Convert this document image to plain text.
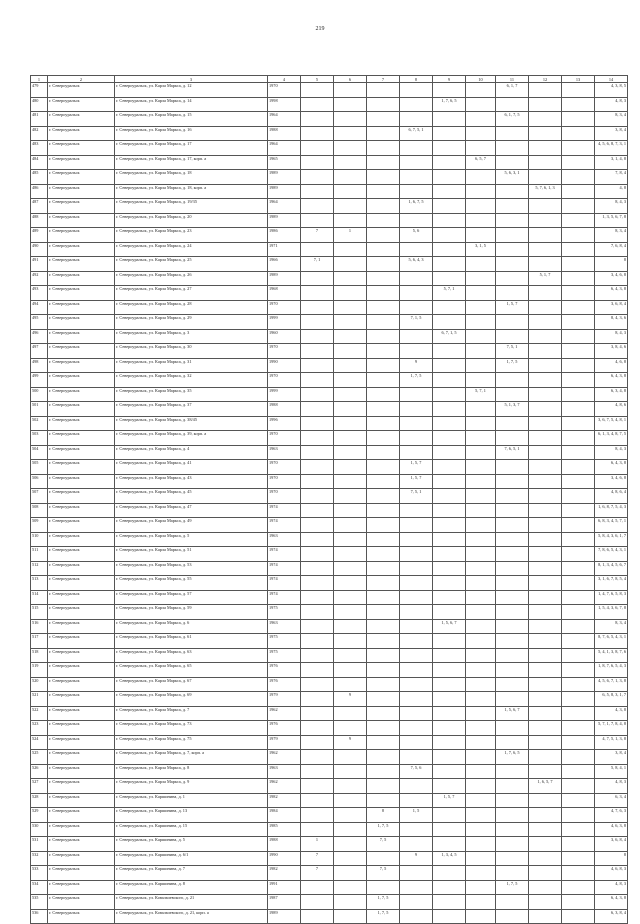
219
1	2	3	4	5	6	7	8	9	10	11	12	13	14
479	г. Североуральск	г. Североуральск, ул. Карла Маркса, д. 12	1970							6, 1, 7			4, 3, 8, 5
480	г. Североуральск	г. Североуральск, ул. Карла Маркса, д. 14	1998					1, 7, 6, 5					4, 8, 3
481	г. Североуральск	г. Североуральск, ул. Карла Маркса, д. 15	1964							6, 1, 7, 5			8, 3, 4
482	г. Североуральск	г. Североуральск, ул. Карла Маркса, д. 16	1988				6, 7, 5, 1						3, 8, 4
483	г. Североуральск	г. Североуральск, ул. Карла Маркса, д. 17	1964										4, 5, 6, 8, 7, 3, 1
484	г. Североуральск	г. Североуральск, ул. Карла Маркса, д. 17, корп. а	1965						6, 5, 7				3, 1, 4, 8
485	г. Североуральск	г. Североуральск, ул. Карла Маркса, д. 18	1989							5, 6, 3, 1			7, 8, 4
486	г. Североуральск	г. Североуральск, ул. Карла Маркса, д. 18, корп. а	1989								5, 7, 6, 1, 3		4, 8
487	г. Североуральск	г. Североуральск, ул. Карла Маркса, д. 19/35	1964				1, 6, 7, 5						8, 4, 3
488	г. Североуральск	г. Североуральск, ул. Карла Маркса, д. 20	1989										1, 3, 5, 6, 7, 8
489	г. Североуральск	г. Североуральск, ул. Карла Маркса, д. 23	1986	7	1		5, 6						8, 3, 4
490	г. Североуральск	г. Североуральск, ул. Карла Маркса, д. 24	1971						3, 1, 5				7, 6, 8, 4
491	г. Североуральск	г. Североуральск, ул. Карла Маркса, д. 25	1966	7, 1			5, 6, 4, 3						8
492	г. Североуральск	г. Североуральск, ул. Карла Маркса, д. 26	1989								5, 1, 7		3, 4, 6, 8
493	г. Североуральск	г. Североуральск, ул. Карла Маркса, д. 27	1968					5, 7, 1					6, 4, 3, 8
494	г. Североуральск	г. Североуральск, ул. Карла Маркса, д. 28	1970							1, 5, 7			3, 6, 8, 4
495	г. Североуральск	г. Североуральск, ул. Карла Маркса, д. 29	1999				7, 1, 5						8, 4, 3, 6
496	г. Североуральск	г. Североуральск, ул. Карла Маркса, д. 3	1960					6, 7, 1, 5					8, 4, 3
497	г. Североуральск	г. Североуральск, ул. Карла Маркса, д. 30	1970							7, 5, 1			3, 8, 4, 6
498	г. Североуральск	г. Североуральск, ул. Карла Маркса, д. 31	1990				9			1, 7, 5			4, 6, 8
499	г. Североуральск	г. Североуральск, ул. Карла Маркса, д. 32	1970				1, 7, 5						6, 4, 3, 8
500	г. Североуральск	г. Североуральск, ул. Карла Маркса, д. 35	1999						5, 7, 1				6, 3, 4, 8
501	г. Североуральск	г. Североуральск, ул. Карла Маркса, д. 37	1988							5, 1, 3, 7			4, 8, 6
502	г. Североуральск	г. Североуральск, ул. Карла Маркса, д. 38/45	1996										3, 6, 7, 5, 4, 8, 1
503	г. Североуральск	г. Североуральск, ул. Карла Маркса, д. 39, корп. а	1970										6, 1, 3, 4, 8, 7, 5
504	г. Североуральск	г. Североуральск, ул. Карла Маркса, д. 4	1963							7, 6, 5, 1			8, 4, 3
505	г. Североуральск	г. Североуральск, ул. Карла Маркса, д. 41	1970				1, 5, 7						6, 4, 3, 8
506	г. Североуральск	г. Североуральск, ул. Карла Маркса, д. 43	1970				1, 5, 7						3, 4, 6, 8
507	г. Североуральск	г. Североуральск, ул. Карла Маркса, д. 45	1970				7, 5, 1						4, 8, 6, 4
508	г. Североуральск	г. Североуральск, ул. Карла Маркса, д. 47	1974										1, 6, 8, 7, 5, 4, 3
509	г. Североуральск	г. Североуральск, ул. Карла Маркса, д. 49	1974										6, 8, 3, 4, 5, 7, 1
510	г. Североуральск	г. Североуральск, ул. Карла Маркса, д. 5	1963										5, 8, 4, 3, 6, 1, 7
511	г. Североуральск	г. Североуральск, ул. Карла Маркса, д. 51	1974										7, 8, 6, 5, 4, 3, 1
512	г. Североуральск	г. Североуральск, ул. Карла Маркса, д. 53	1974										8, 1, 3, 4, 5, 6, 7
513	г. Североуральск	г. Североуральск, ул. Карла Маркса, д. 55	1974										3, 1, 6, 7, 8, 5, 4
514	г. Североуральск	г. Североуральск, ул. Карла Маркса, д. 57	1974										1, 4, 7, 6, 5, 8, 3
515	г. Североуральск	г. Североуральск, ул. Карла Маркса, д. 59	1975										1, 5, 4, 3, 6, 7, 8
516	г. Североуральск	г. Североуральск, ул. Карла Маркса, д. 6	1963					1, 5, 6, 7					8, 3, 4
517	г. Североуральск	г. Североуральск, ул. Карла Маркса, д. 61	1975										8, 7, 6, 5, 4, 3, 1
518	г. Североуральск	г. Североуральск, ул. Карла Маркса, д. 63	1975										5, 4, 1, 3, 8, 7, 6
519	г. Североуральск	г. Североуральск, ул. Карла Маркса, д. 65	1976										1, 8, 7, 6, 5, 4, 3
520	г. Североуральск	г. Североуральск, ул. Карла Маркса, д. 67	1976										4, 5, 6, 7, 1, 3, 8
521	г. Североуральск	г. Североуральск, ул. Карла Маркса, д. 69	1979		9								6, 5, 8, 3, 1, 7
522	г. Североуральск	г. Североуральск, ул. Карла Маркса, д. 7	1962							1, 5, 6, 7			4, 3, 8
523	г. Североуральск	г. Североуральск, ул. Карла Маркса, д. 73	1976										5, 7, 1, 7, 8, 4, 8
524	г. Североуральск	г. Североуральск, ул. Карла Маркса, д. 75	1979		9								4, 7, 5, 1, 3, 8
525	г. Североуральск	г. Североуральск, ул. Карла Маркса, д. 7, корп. а	1962							1, 7, 6, 5			3, 8, 4
526	г. Североуральск	г. Североуральск, ул. Карла Маркса, д. 8	1963				7, 5, 6						5, 8, 4, 1
527	г. Североуральск	г. Североуральск, ул. Карла Маркса, д. 9	1962								1, 6, 5, 7		4, 8, 3
528	г. Североуральск	г. Североуральск, ул. Каршинина, д. 1	1982					1, 5, 7					6, 3, 4
529	г. Североуральск	г. Североуральск, ул. Каршинина, д. 13	1984			8	1, 5						4, 7, 6, 3
530	г. Североуральск	г. Североуральск, ул. Каршинина, д. 15	1985			1, 7, 5							4, 6, 3, 8
531	г. Североуральск	г. Североуральск, ул. Каршинина, д. 5	1988	1		7, 5							3, 6, 8, 4
532	г. Североуральск	г. Североуральск, ул. Каршинина, д. 6/1	1990	7			9	1, 3, 4, 5					8
533	г. Североуральск	г. Североуральск, ул. Каршинина, д. 7	1982	7		7, 5							4, 6, 8, 3
534	г. Североуральск	г. Североуральск, ул. Каршинина, д. 8	1991							1, 7, 5			4, 8, 3
535	г. Североуральск	г. Североуральск, ул. Ковальчевского, д. 21	1987			1, 7, 5							6, 4, 3, 8
536	г. Североуральск	г. Североуральск, ул. Ковальчевского, д. 21, корп. а	1989			1, 7, 5							6, 3, 8, 4
